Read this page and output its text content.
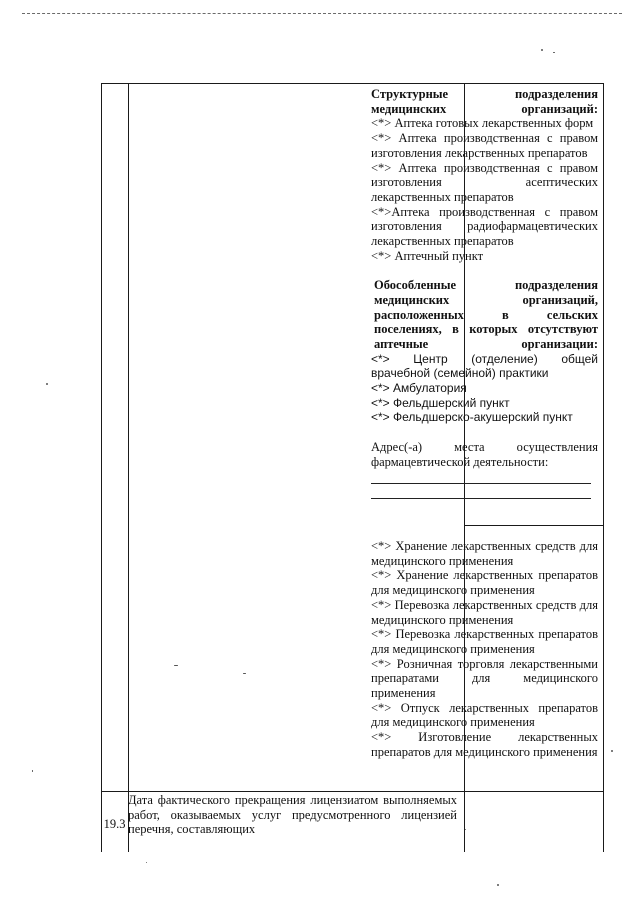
Структурные подразделения медицинских организаций:

<*> Аптека готовых лекарственных форм

<*> Аптека производственная с правом изготовления лекарственных препаратов

<*> Аптека производственная с правом изготовления асептических лекарственных препаратов

<*>Аптека производственная с правом изготовления радиофармацевтических лекарственных препаратов

<*> Аптечный пункт

Обособленные подразделения медицинских организаций, расположенных в сельских поселениях, в которых отсутствуют аптечные организации:

<*> Центр (отделение) общей врачебной (семейной) практики

<*> Амбулатория

<*> Фельдшерский пункт

<*> Фельдшерско-акушерский пункт

Адрес(-а) места осуществления фармацевтической деятельности:

<*> Хранение лекарственных средств для медицинского применения

<*> Хранение лекарственных препаратов для медицинского применения

<*> Перевозка лекарственных средств для медицинского применения

<*> Перевозка лекарственных препаратов для медицинского применения

<*> Розничная торговля лекарственными препаратами для медицинского применения

<*> Отпуск лекарственных препаратов для медицинского применения

<*> Изготовление лекарственных препаратов для медицинского применения

19.3

Дата фактического прекращения лицензиатом выполняемых работ, оказываемых услуг предусмотренного лицензией перечня, составляющих
